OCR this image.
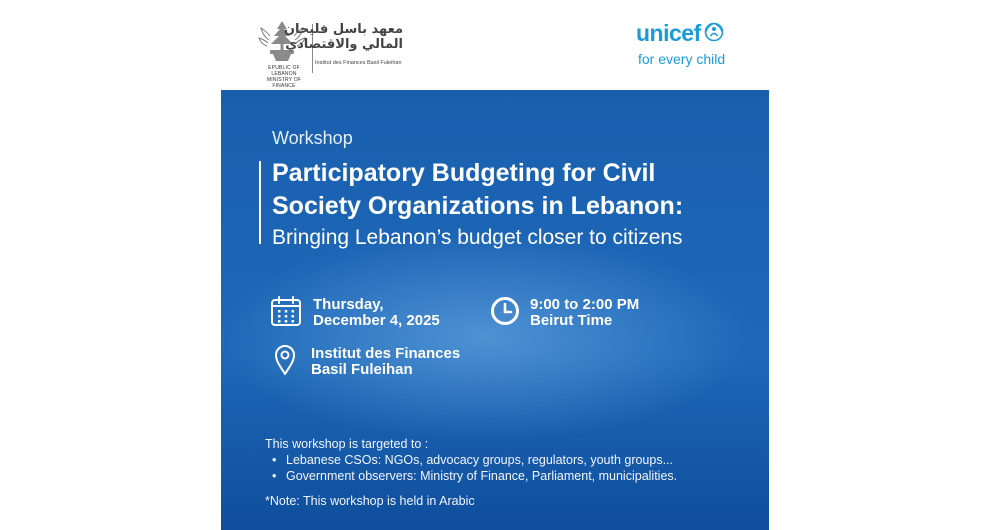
EPUBLIC OF LEBANON
MINISTRY OF FINANCE
معهد باسل فليحان
المالي والاقتصادي
Institut des Finances Basil Fuleihan
unicef
for every child
Workshop
Participatory Budgeting for Civil
Society Organizations in Lebanon:
Bringing Lebanon’s budget closer to citizens
Thursday,
December 4, 2025
9:00 to 2:00 PM
Beirut Time
Institut des Finances
Basil Fuleihan
This workshop is targeted to :
• Lebanese CSOs: NGOs, advocacy groups, regulators, youth groups...
• Government observers: Ministry of Finance, Parliament, municipalities.
*Note: This workshop is held in Arabic
